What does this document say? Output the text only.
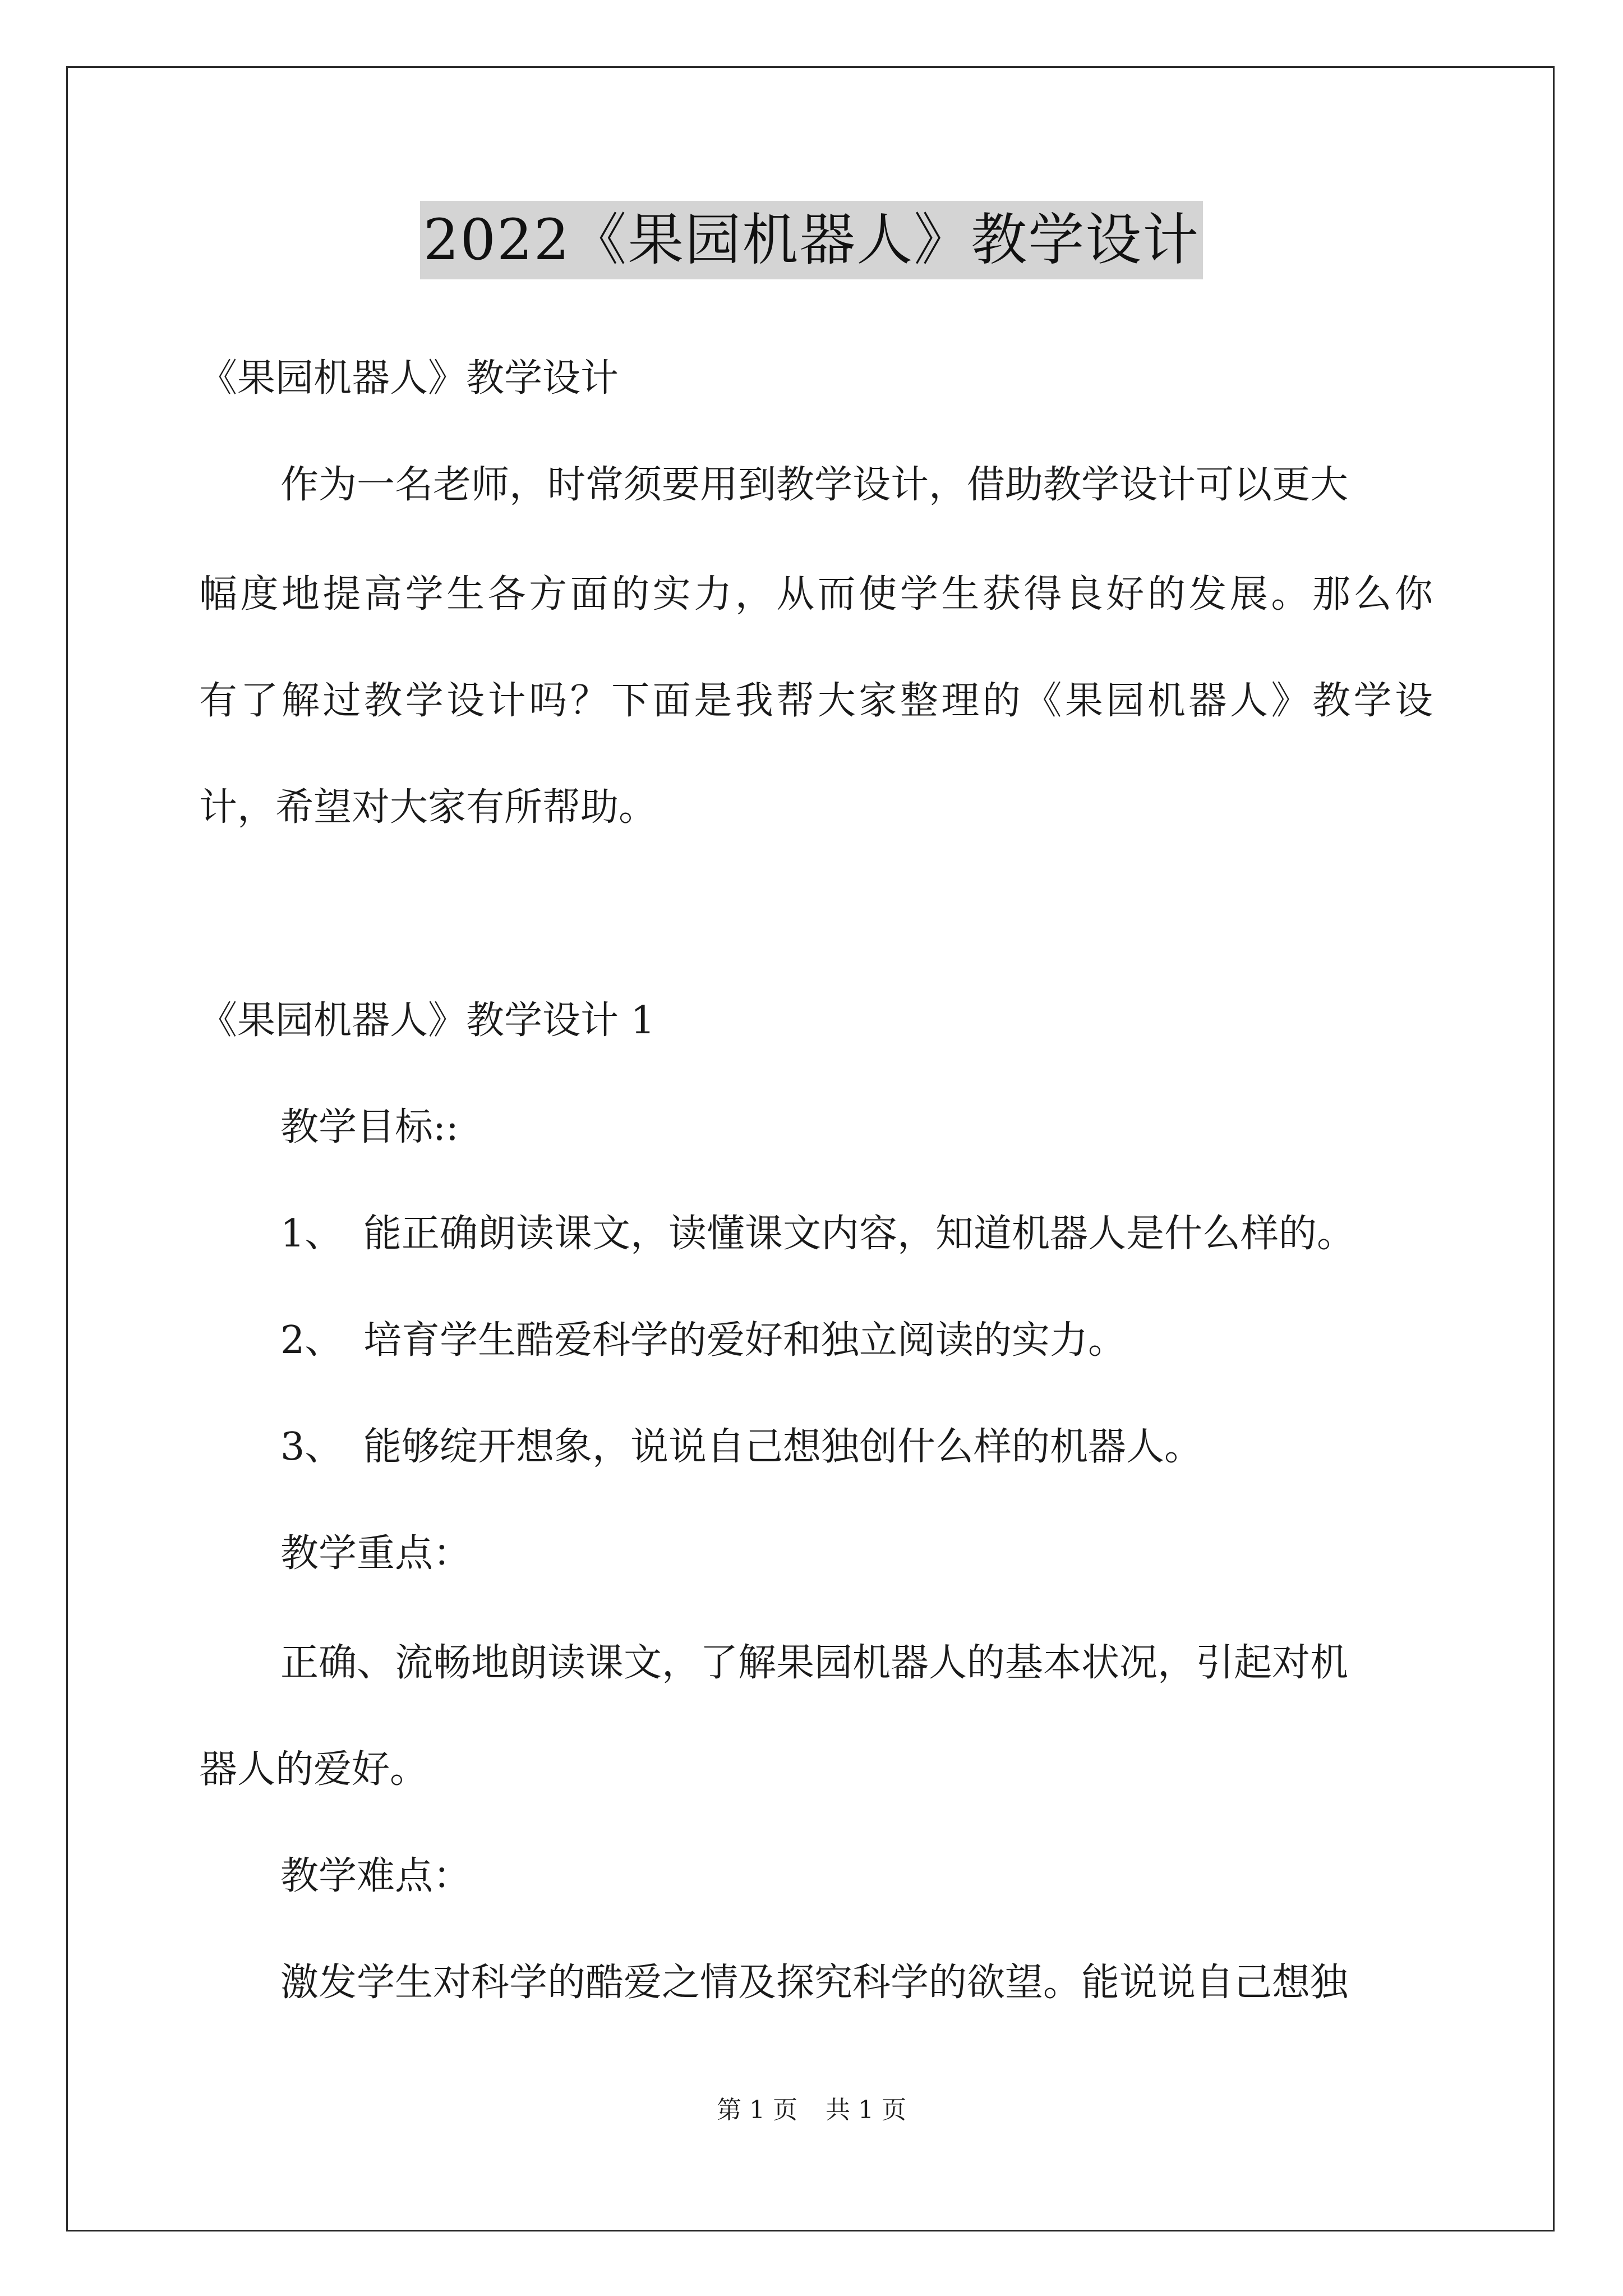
2022《果园机器人》教学设计
《果园机器人》教学设计
作为一名老师，时常须要用到教学设计，借助教学设计可以更大
幅度地提高学生各方面的实力，从而使学生获得良好的发展。那么你
有了解过教学设计吗？下面是我帮大家整理的《果园机器人》教学设
计，希望对大家有所帮助。
《果园机器人》教学设计 1
教学目标::
1、 能正确朗读课文，读懂课文内容，知道机器人是什么样的。
2、 培育学生酷爱科学的爱好和独立阅读的实力。
3、 能够绽开想象，说说自己想独创什么样的机器人。
教学重点：
正确、流畅地朗读课文，了解果园机器人的基本状况，引起对机
器人的爱好。
教学难点：
激发学生对科学的酷爱之情及探究科学的欲望。能说说自己想独
第 1 页 共 1 页
